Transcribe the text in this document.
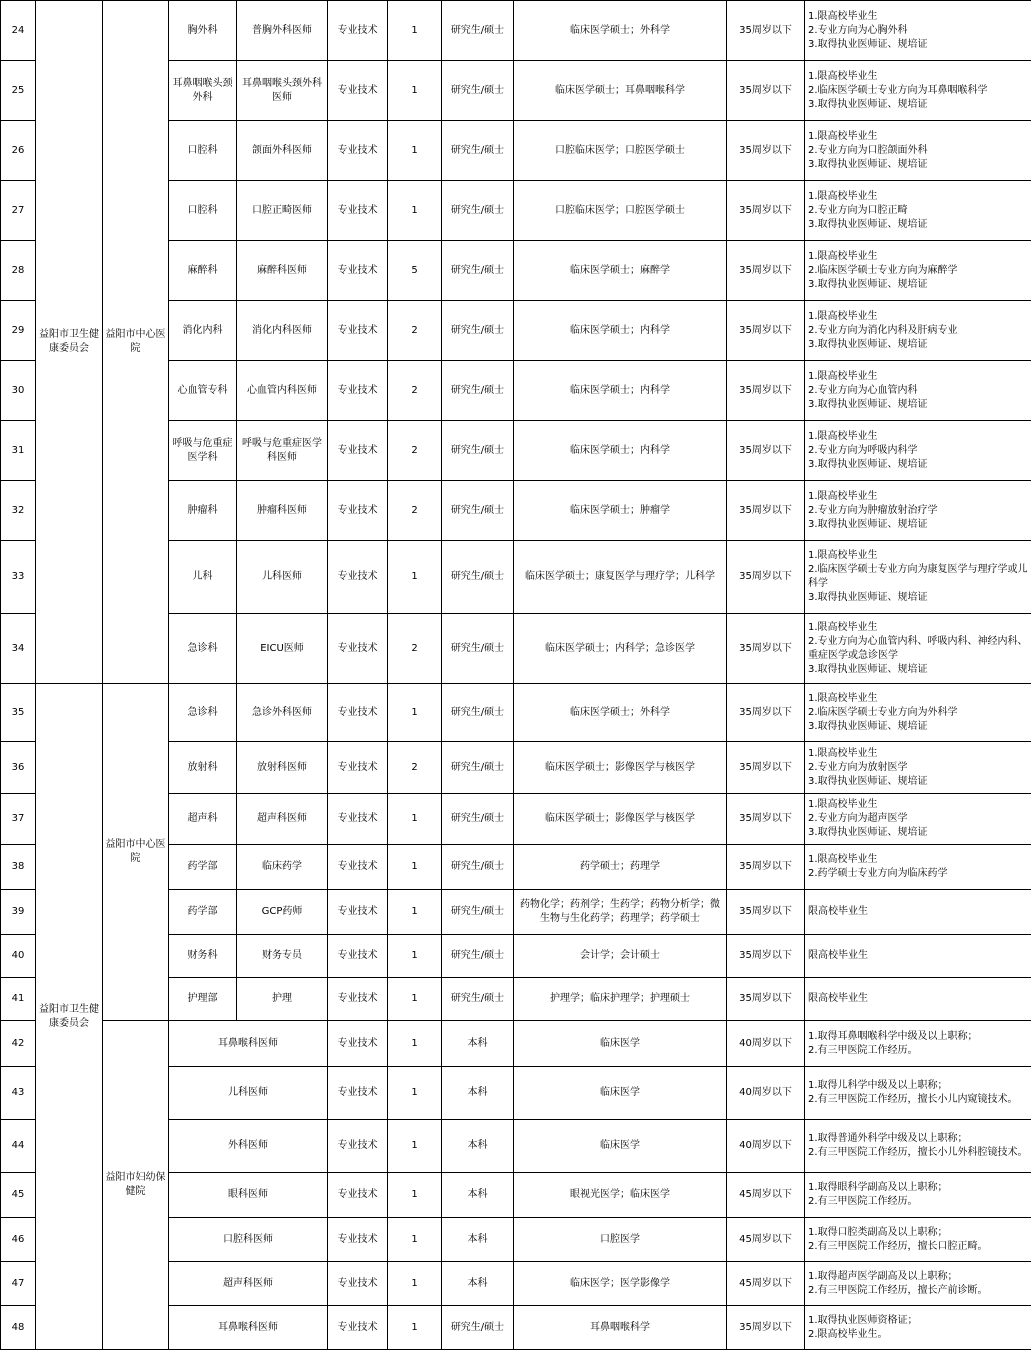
24	益阳市卫生健康委员会	益阳市中心医院	胸外科	普胸外科医师	专业技术	1	研究生/硕士	临床医学硕士；外科学	35周岁以下	1.限高校毕业生
2.专业方向为心胸外科
3.取得执业医师证、规培证
25			耳鼻咽喉头颈外科	耳鼻咽喉头颈外科医师	专业技术	1	研究生/硕士	临床医学硕士；耳鼻咽喉科学	35周岁以下	1.限高校毕业生
2.临床医学硕士专业方向为耳鼻咽喉科学
3.取得执业医师证、规培证
26			口腔科	颌面外科医师	专业技术	1	研究生/硕士	口腔临床医学；口腔医学硕士	35周岁以下	1.限高校毕业生
2.专业方向为口腔颌面外科
3.取得执业医师证、规培证
27			口腔科	口腔正畸医师	专业技术	1	研究生/硕士	口腔临床医学；口腔医学硕士	35周岁以下	1.限高校毕业生
2.专业方向为口腔正畸
3.取得执业医师证、规培证
28			麻醉科	麻醉科医师	专业技术	5	研究生/硕士	临床医学硕士；麻醉学	35周岁以下	1.限高校毕业生
2.临床医学硕士专业方向为麻醉学
3.取得执业医师证、规培证
29			消化内科	消化内科医师	专业技术	2	研究生/硕士	临床医学硕士；内科学	35周岁以下	1.限高校毕业生
2.专业方向为消化内科及肝病专业
3.取得执业医师证、规培证
30			心血管专科	心血管内科医师	专业技术	2	研究生/硕士	临床医学硕士；内科学	35周岁以下	1.限高校毕业生
2.专业方向为心血管内科
3.取得执业医师证、规培证
31			呼吸与危重症医学科	呼吸与危重症医学科医师	专业技术	2	研究生/硕士	临床医学硕士；内科学	35周岁以下	1.限高校毕业生
2.专业方向为呼吸内科学
3.取得执业医师证、规培证
32			肿瘤科	肿瘤科医师	专业技术	2	研究生/硕士	临床医学硕士；肿瘤学	35周岁以下	1.限高校毕业生
2.专业方向为肿瘤放射治疗学
3.取得执业医师证、规培证
33			儿科	儿科医师	专业技术	1	研究生/硕士	临床医学硕士；康复医学与理疗学；儿科学	35周岁以下	1.限高校毕业生
2.临床医学硕士专业方向为康复医学与理疗学或儿科学
3.取得执业医师证、规培证
34			急诊科	EICU医师	专业技术	2	研究生/硕士	临床医学硕士；内科学；急诊医学	35周岁以下	1.限高校毕业生
2.专业方向为心血管内科、呼吸内科、神经内科、重症医学或急诊医学
3.取得执业医师证、规培证
35	益阳市卫生健康委员会	益阳市中心医院	急诊科	急诊外科医师	专业技术	1	研究生/硕士	临床医学硕士；外科学	35周岁以下	1.限高校毕业生
2.临床医学硕士专业方向为外科学
3.取得执业医师证、规培证
36			放射科	放射科医师	专业技术	2	研究生/硕士	临床医学硕士；影像医学与核医学	35周岁以下	1.限高校毕业生
2.专业方向为放射医学
3.取得执业医师证、规培证
37			超声科	超声科医师	专业技术	1	研究生/硕士	临床医学硕士；影像医学与核医学	35周岁以下	1.限高校毕业生
2.专业方向为超声医学
3.取得执业医师证、规培证
38			药学部	临床药学	专业技术	1	研究生/硕士	药学硕士；药理学	35周岁以下	1.限高校毕业生
2.药学硕士专业方向为临床药学
39			药学部	GCP药师	专业技术	1	研究生/硕士	药物化学；药剂学；生药学；药物分析学；微生物与生化药学；药理学；药学硕士	35周岁以下	限高校毕业生
40			财务科	财务专员	专业技术	1	研究生/硕士	会计学；会计硕士	35周岁以下	限高校毕业生
41			护理部	护理	专业技术	1	研究生/硕士	护理学；临床护理学；护理硕士	35周岁以下	限高校毕业生
42		益阳市妇幼保健院	耳鼻喉科医师		专业技术	1	本科	临床医学	40周岁以下	1.取得耳鼻咽喉科学中级及以上职称；
2.有三甲医院工作经历。
43			儿科医师		专业技术	1	本科	临床医学	40周岁以下	1.取得儿科学中级及以上职称；
2.有三甲医院工作经历，擅长小儿内窥镜技术。
44			外科医师		专业技术	1	本科	临床医学	40周岁以下	1.取得普通外科学中级及以上职称；
2.有三甲医院工作经历，擅长小儿外科腔镜技术。
45			眼科医师		专业技术	1	本科	眼视光医学；临床医学	45周岁以下	1.取得眼科学副高及以上职称；
2.有三甲医院工作经历。
46			口腔科医师		专业技术	1	本科	口腔医学	45周岁以下	1.取得口腔类副高及以上职称；
2.有三甲医院工作经历，擅长口腔正畸。
47			超声科医师		专业技术	1	本科	临床医学；医学影像学	45周岁以下	1.取得超声医学副高及以上职称；
2.有三甲医院工作经历，擅长产前诊断。
48			耳鼻喉科医师		专业技术	1	研究生/硕士	耳鼻咽喉科学	35周岁以下	1.取得执业医师资格证；
2.限高校毕业生。
